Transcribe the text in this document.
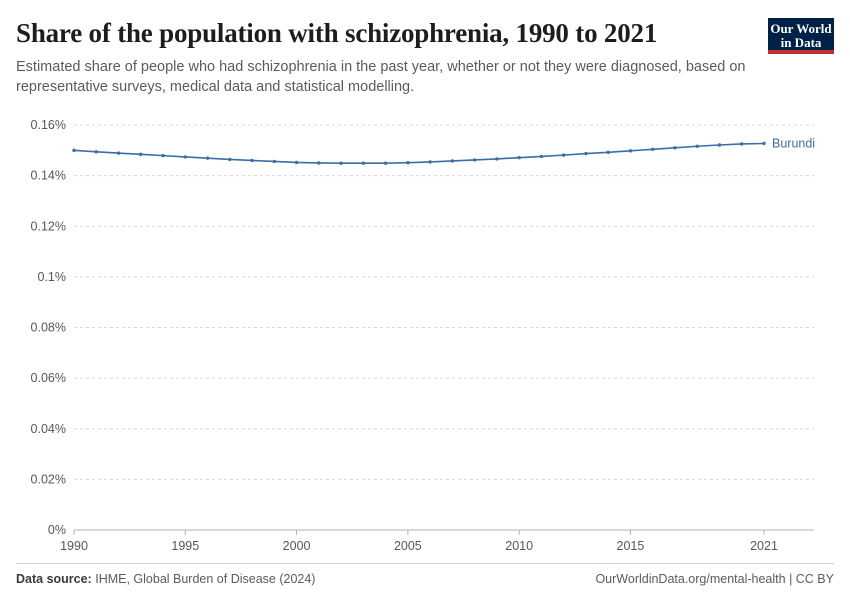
Share of the population with schizophrenia, 1990 to 2021
Estimated share of people who had schizophrenia in the past year, whether or not they were diagnosed, based on representative surveys, medical data and statistical modelling.
Our World
in Data
0%
0.02%
0.04%
0.06%
0.08%
0.1%
0.12%
0.14%
0.16%
1990	1995	2000	2005	2010	2015	2021
Burundi
Data source: IHME, Global Burden of Disease (2024)	OurWorldinData.org/mental-health | CC BY
